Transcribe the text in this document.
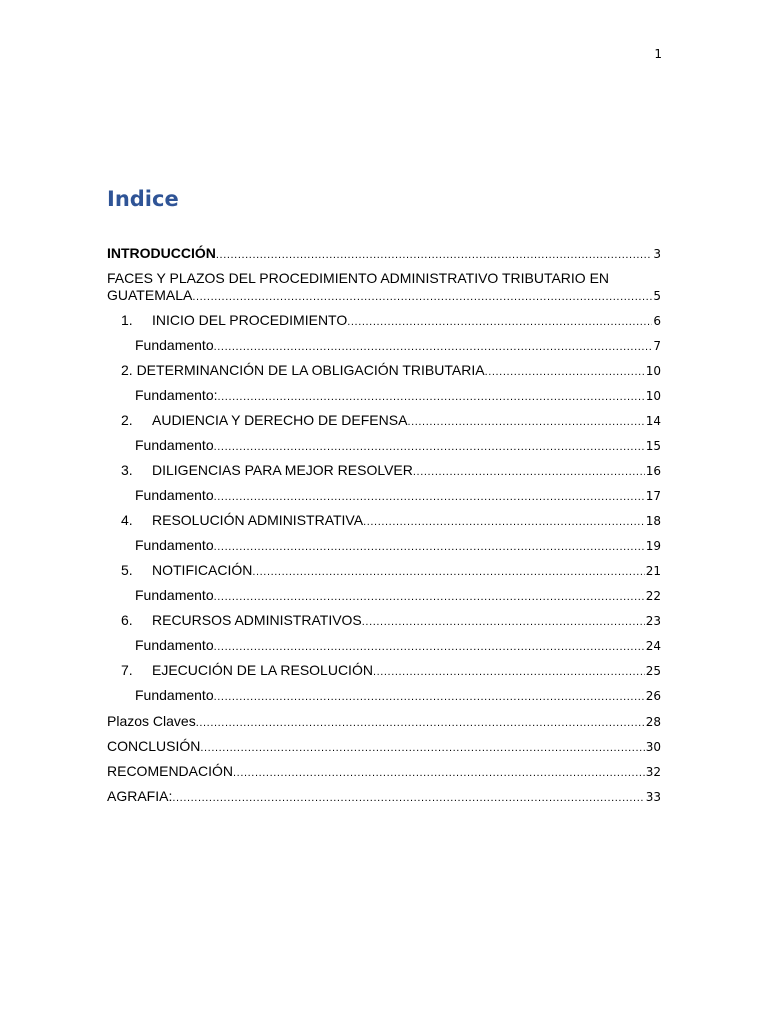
1
Indice
INTRODUCCIÓN .....	3
FACES Y PLAZOS DEL PROCEDIMIENTO ADMINISTRATIVO TRIBUTARIO EN
GUATEMALA .....	5
1. INICIO DEL PROCEDIMIENTO .....	6
Fundamento .....	7
2. DETERMINANCIÓN DE LA OBLIGACIÓN TRIBUTARIA .....	10
Fundamento: .....	10
2. AUDIENCIA Y DERECHO DE DEFENSA .....	14
Fundamento .....	15
3. DILIGENCIAS PARA MEJOR RESOLVER .....	16
Fundamento .....	17
4. RESOLUCIÓN ADMINISTRATIVA .....	18
Fundamento .....	19
5. NOTIFICACIÓN .....	21
Fundamento .....	22
6. RECURSOS ADMINISTRATIVOS .....	23
Fundamento .....	24
7. EJECUCIÓN DE LA RESOLUCIÓN .....	25
Fundamento .....	26
Plazos Claves .....	28
CONCLUSIÓN .....	30
RECOMENDACIÓN .....	32
AGRAFIA: .....	33
